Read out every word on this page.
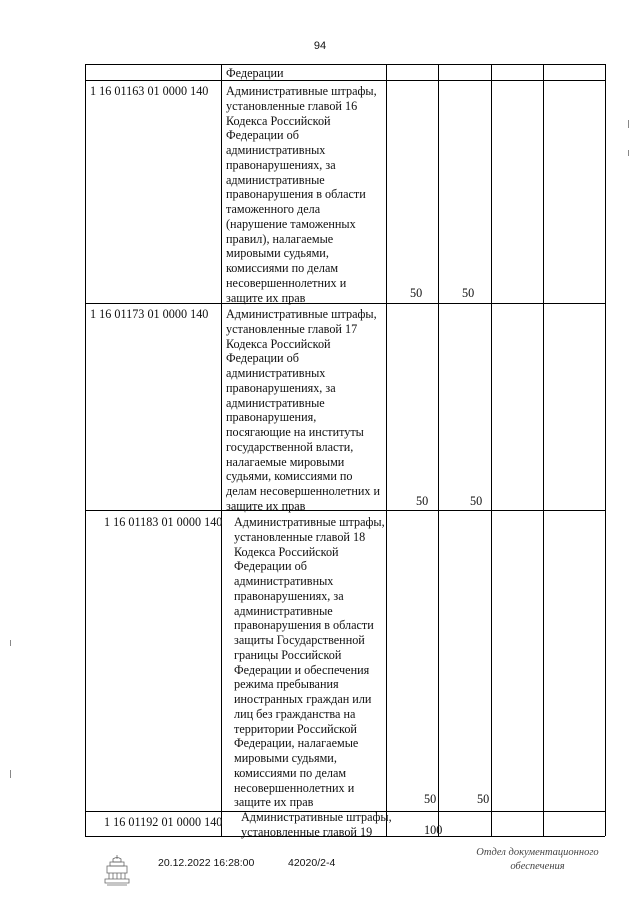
94
Федерации
1 16 01163 01 0000 140 Административные штрафы,
установленные главой 16
Кодекса Российской
Федерации об
административных
правонарушениях, за
административные
правонарушения в области
таможенного дела
(нарушение таможенных
правил), налагаемые
мировыми судьями,
комиссиями по делам
несовершеннолетних и
защите их прав	50	50
1 16 01173 01 0000 140 Административные штрафы,
установленные главой 17
Кодекса Российской
Федерации об
административных
правонарушениях, за
административные
правонарушения,
посягающие на институты
государственной власти,
налагаемые мировыми
судьями, комиссиями по
делам несовершеннолетних и
защите их прав	50	50
1 16 01183 01 0000 140 Административные штрафы,
установленные главой 18
Кодекса Российской
Федерации об
административных
правонарушениях, за
административные
правонарушения в области
защиты Государственной
границы Российской
Федерации и обеспечения
режима пребывания
иностранных граждан или
лиц без гражданства на
территории Российской
Федерации, налагаемые
мировыми судьями,
комиссиями по делам
несовершеннолетних и
защите их прав	50	50
1 16 01192 01 0000 140 Административные штрафы,
установленные главой 19	100
20.12.2022 16:28:00	42020/2-4
Отдел документационного
обеспечения
